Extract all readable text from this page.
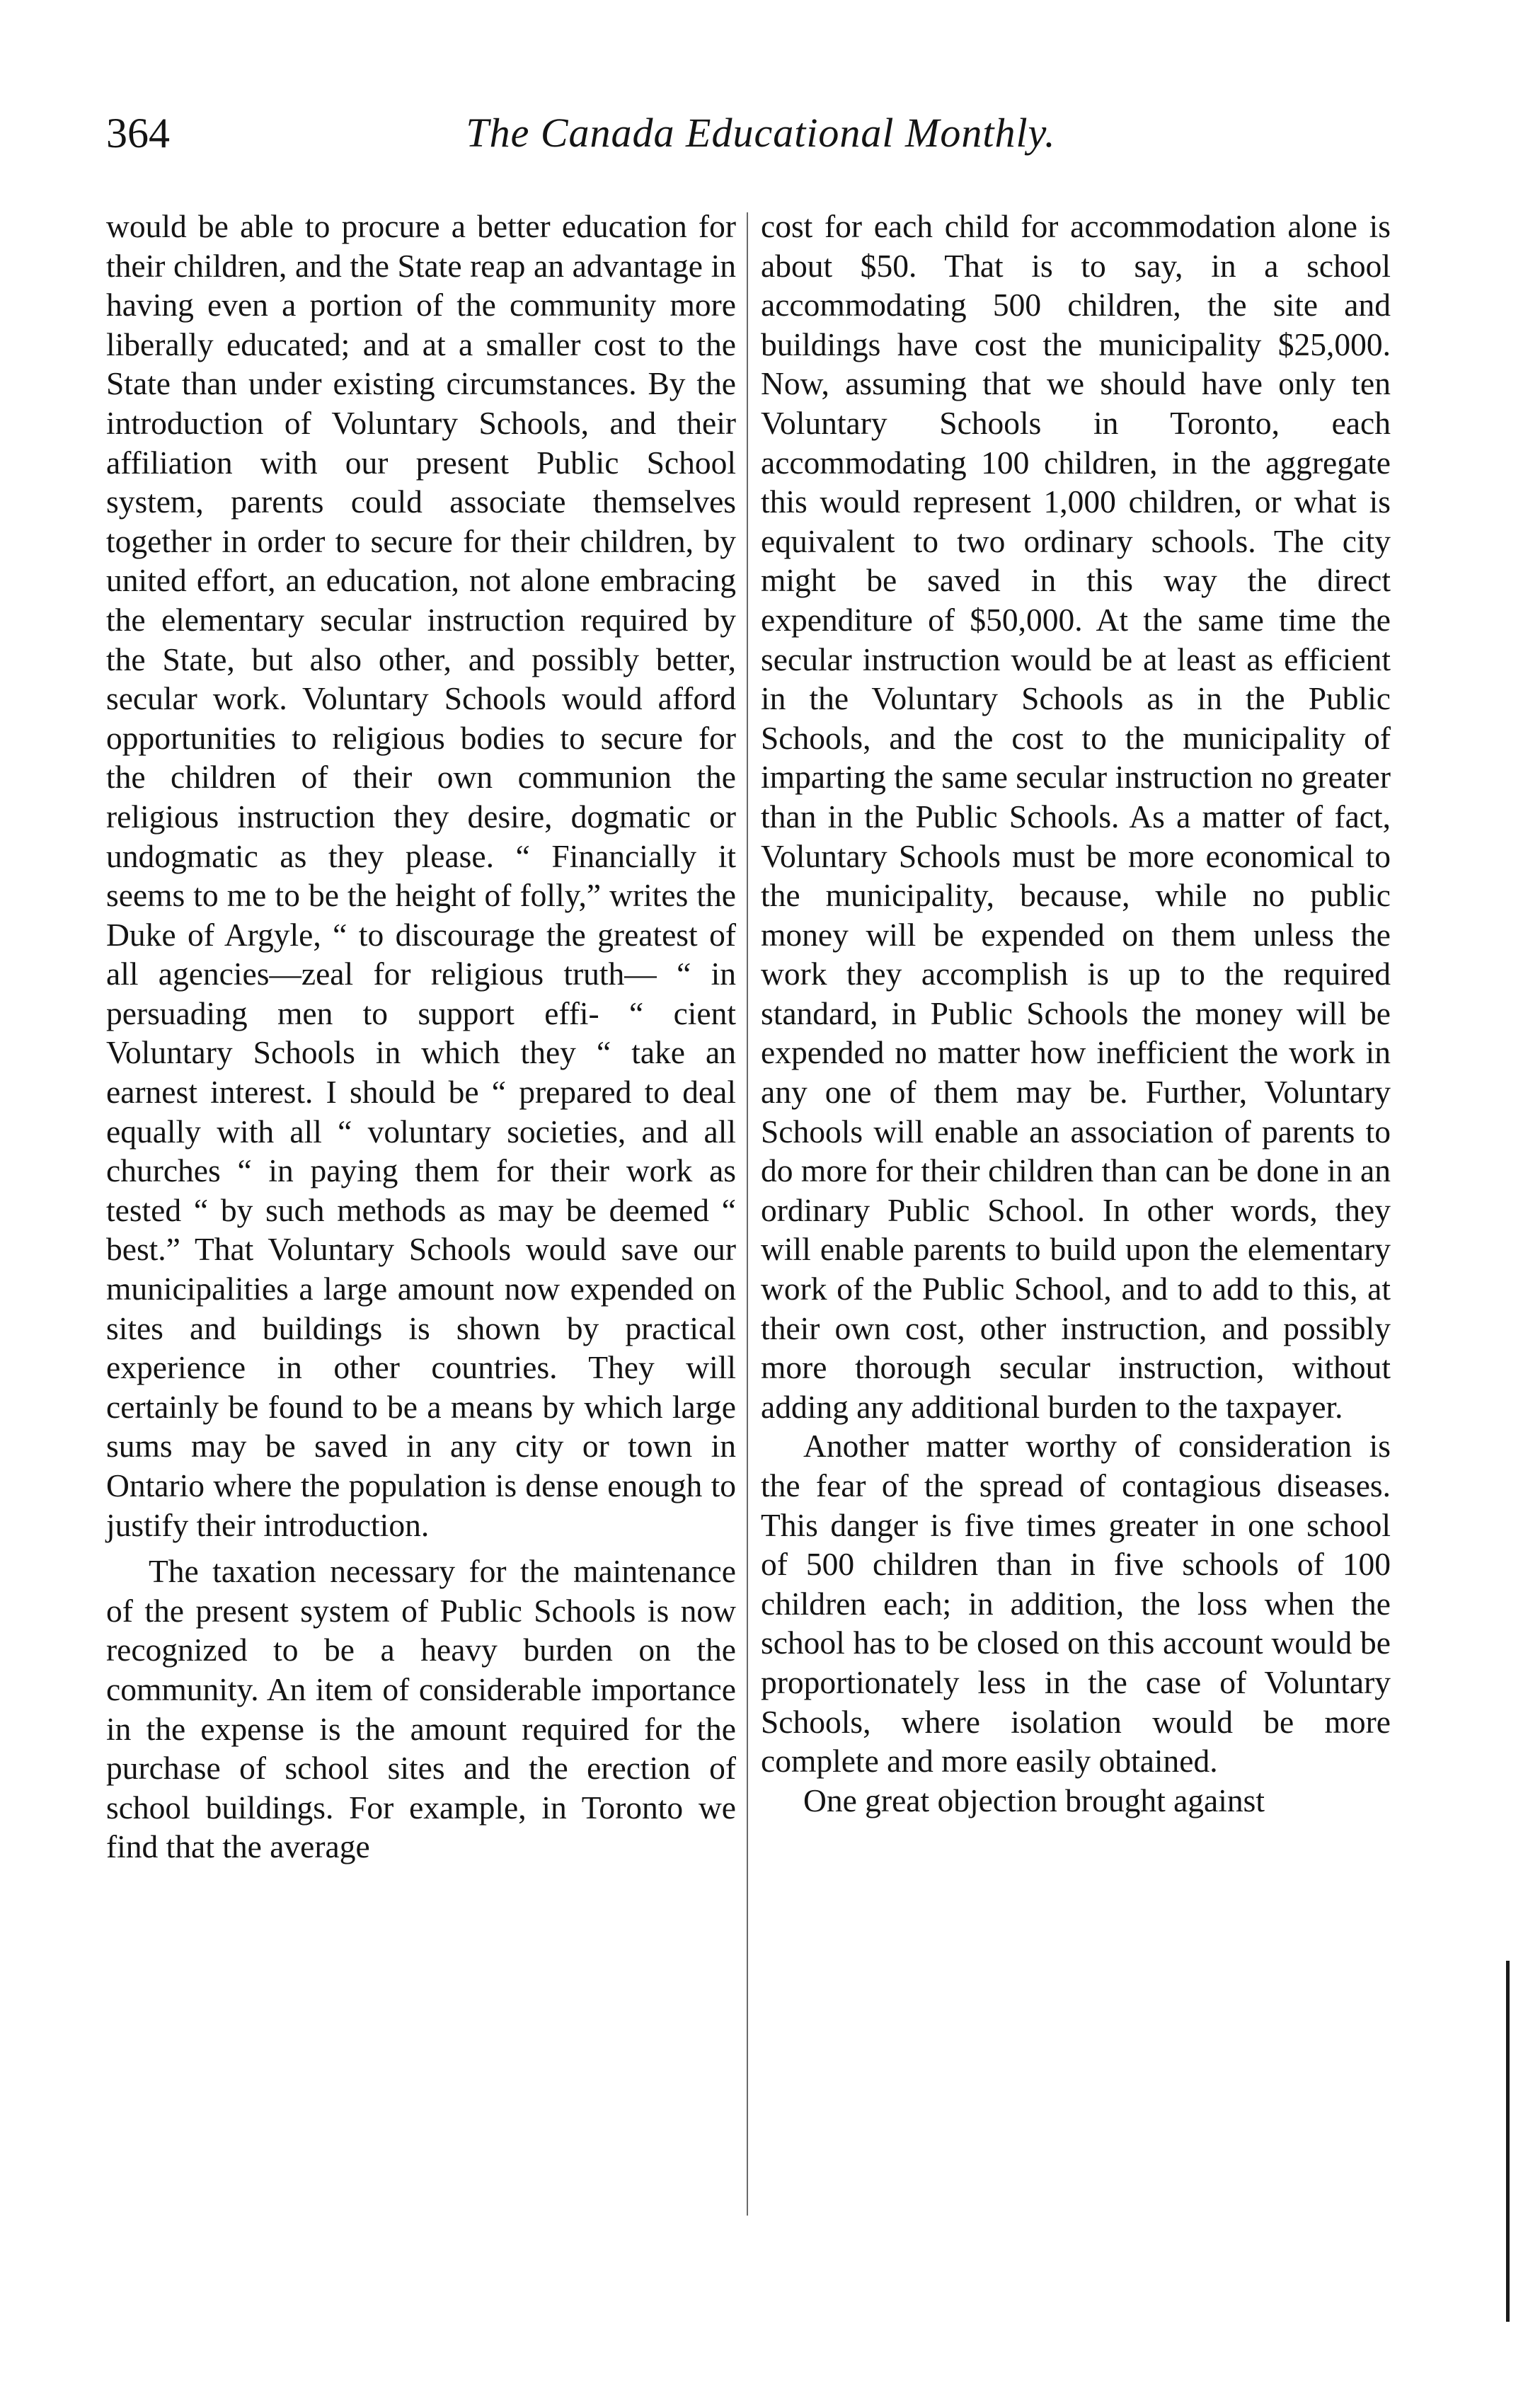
364	The Canada Educational Monthly.

would be able to procure a better education for their children, and the State reap an advantage in having even a portion of the community more liberally educated; and at a smaller cost to the State than under existing circumstances. By the introduction of Voluntary Schools, and their affiliation with our present Public School system, parents could associate themselves together in order to secure for their children, by united effort, an education, not alone embracing the elementary secular instruction required by the State, but also other, and possibly better, secular work. Voluntary Schools would afford opportunities to religious bodies to secure for the children of their own communion the religious instruction they desire, dogmatic or undogmatic as they please. “ Financially it seems to me to be the height of folly,” writes the Duke of Argyle, “ to discourage the greatest of all agencies—zeal for religious truth— “ in persuading men to support effi- “ cient Voluntary Schools in which they “ take an earnest interest. I should be “ prepared to deal equally with all “ voluntary societies, and all churches “ in paying them for their work as tested “ by such methods as may be deemed “ best.” That Voluntary Schools would save our municipalities a large amount now expended on sites and buildings is shown by practical experience in other countries. They will certainly be found to be a means by which large sums may be saved in any city or town in Ontario where the population is dense enough to justify their introduction.

The taxation necessary for the maintenance of the present system of Public Schools is now recognized to be a heavy burden on the community. An item of considerable importance in the expense is the amount required for the purchase of school sites and the erection of school buildings. For example, in Toronto we find that the average

cost for each child for accommodation alone is about $50. That is to say, in a school accommodating 500 children, the site and buildings have cost the municipality $25,000. Now, assuming that we should have only ten Voluntary Schools in Toronto, each accommodating 100 children, in the aggregate this would represent 1,000 children, or what is equivalent to two ordinary schools. The city might be saved in this way the direct expenditure of $50,000. At the same time the secular instruction would be at least as efficient in the Voluntary Schools as in the Public Schools, and the cost to the municipality of imparting the same secular instruction no greater than in the Public Schools. As a matter of fact, Voluntary Schools must be more economical to the municipality, because, while no public money will be expended on them unless the work they accomplish is up to the required standard, in Public Schools the money will be expended no matter how inefficient the work in any one of them may be. Further, Voluntary Schools will enable an association of parents to do more for their children than can be done in an ordinary Public School. In other words, they will enable parents to build upon the elementary work of the Public School, and to add to this, at their own cost, other instruction, and possibly more thorough secular instruction, without adding any additional burden to the taxpayer.

Another matter worthy of consideration is the fear of the spread of contagious diseases. This danger is five times greater in one school of 500 children than in five schools of 100 children each; in addition, the loss when the school has to be closed on this account would be proportionately less in the case of Voluntary Schools, where isolation would be more complete and more easily obtained.

One great objection brought against
